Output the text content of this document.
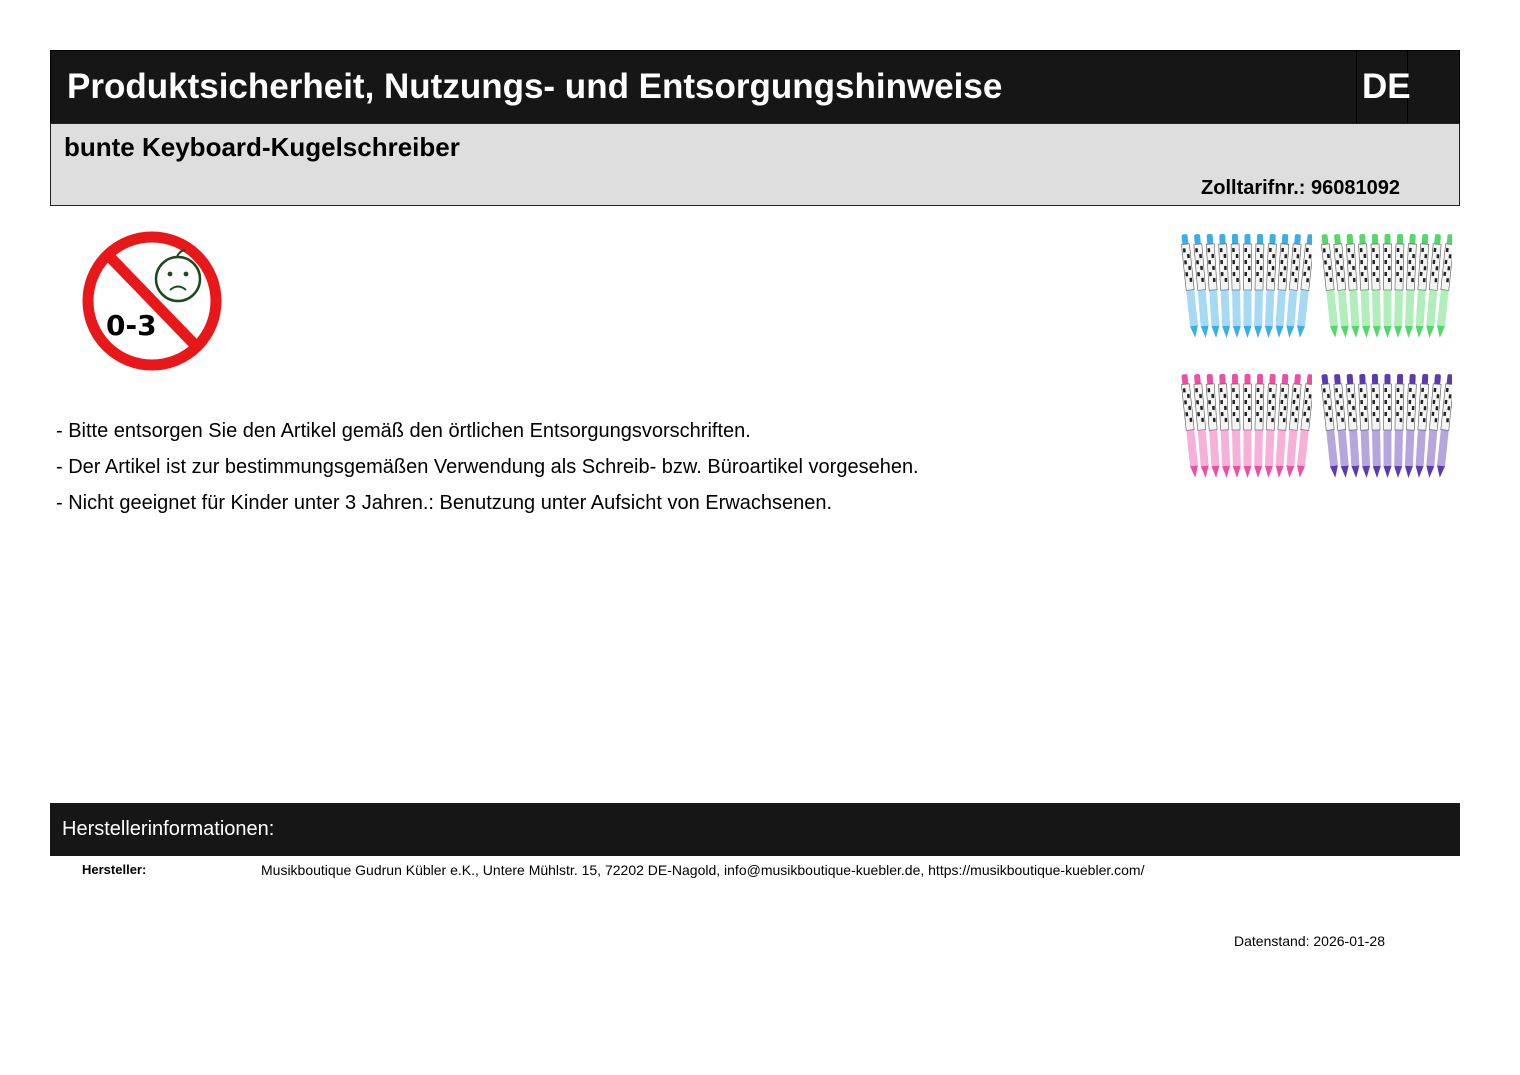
Produktsicherheit, Nutzungs- und Entsorgungshinweise	DE
bunte Keyboard-Kugelschreiber
Zolltarifnr.: 96081092
0-3
- Bitte entsorgen Sie den Artikel gemäß den örtlichen Entsorgungsvorschriften.
- Der Artikel ist zur bestimmungsgemäßen Verwendung als Schreib- bzw. Büroartikel vorgesehen.
- Nicht geeignet für Kinder unter 3 Jahren.: Benutzung unter Aufsicht von Erwachsenen.
Herstellerinformationen:
Hersteller:	Musikboutique Gudrun Kübler e.K., Untere Mühlstr. 15, 72202 DE-Nagold, info@musikboutique-kuebler.de, https://musikboutique-kuebler.com/
Datenstand: 2026-01-28
